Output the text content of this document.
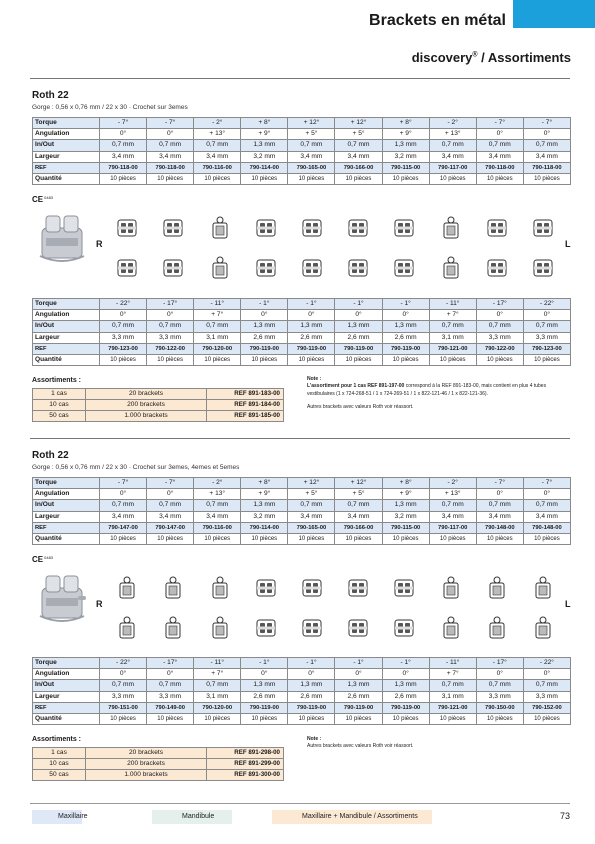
Brackets en métal
discovery® / Assortiments
Roth 22
Gorge : 0,56 x 0,76 mm / 22 x 30 · Crochet sur 3emes
Torque	- 7°	- 7°	- 2°	+ 8°	+ 12°	+ 12°	+ 8°	- 2°	- 7°	- 7°
Angulation	0°	0°	+ 13°	+ 9°	+ 5°	+ 5°	+ 9°	+ 13°	0°	0°
In/Out	0,7 mm	0,7 mm	0,7 mm	1,3 mm	0,7 mm	0,7 mm	1,3 mm	0,7 mm	0,7 mm	0,7 mm
Largeur	3,4 mm	3,4 mm	3,4 mm	3,2 mm	3,4 mm	3,4 mm	3,2 mm	3,4 mm	3,4 mm	3,4 mm
REF	790-118-00	790-118-00	790-116-00	790-114-00	790-165-00	790-166-00	790-115-00	790-117-00	790-118-00	790-118-00
Quantité	10 pièces	10 pièces	10 pièces	10 pièces	10 pièces	10 pièces	10 pièces	10 pièces	10 pièces	10 pièces
$CE^{0483}$
R	L
Torque	- 22°	- 17°	- 11°	- 1°	- 1°	- 1°	- 1°	- 11°	- 17°	- 22°
Angulation	0°	0°	+ 7°	0°	0°	0°	0°	+ 7°	0°	0°
In/Out	0,7 mm	0,7 mm	0,7 mm	1,3 mm	1,3 mm	1,3 mm	1,3 mm	0,7 mm	0,7 mm	0,7 mm
Largeur	3,3 mm	3,3 mm	3,1 mm	2,6 mm	2,6 mm	2,6 mm	2,6 mm	3,1 mm	3,3 mm	3,3 mm
REF	790-123-00	790-122-00	790-120-00	790-119-00	790-119-00	790-119-00	790-119-00	790-121-00	790-122-00	790-123-00
Quantité	10 pièces	10 pièces	10 pièces	10 pièces	10 pièces	10 pièces	10 pièces	10 pièces	10 pièces	10 pièces
Assortiments :
1 cas	20 brackets	REF 891-183-00
10 cas	200 brackets	REF 891-184-00
50 cas	1.000 brackets	REF 891-185-00
Note :
L'assortiment pour 1 cas REF 891-197-00 correspond à la REF 891-183-00, mais contient en plus 4 tubes vestibulaires (1 x 724-268-51 / 1 x 724-269-51 / 1 x 822-121-46 / 1 x 822-121-36).
Autres brackets avec valeurs Roth voir réassort.
Roth 22
Gorge : 0,56 x 0,76 mm / 22 x 30 · Crochet sur 3emes, 4emes et 5emes
Torque	- 7°	- 7°	- 2°	+ 8°	+ 12°	+ 12°	+ 8°	- 2°	- 7°	- 7°
Angulation	0°	0°	+ 13°	+ 9°	+ 5°	+ 5°	+ 9°	+ 13°	0°	0°
In/Out	0,7 mm	0,7 mm	0,7 mm	1,3 mm	0,7 mm	0,7 mm	1,3 mm	0,7 mm	0,7 mm	0,7 mm
Largeur	3,4 mm	3,4 mm	3,4 mm	3,2 mm	3,4 mm	3,4 mm	3,2 mm	3,4 mm	3,4 mm	3,4 mm
REF	790-147-00	790-147-00	790-116-00	790-114-00	790-165-00	790-166-00	790-115-00	790-117-00	790-148-00	790-148-00
Quantité	10 pièces	10 pièces	10 pièces	10 pièces	10 pièces	10 pièces	10 pièces	10 pièces	10 pièces	10 pièces
$CE^{0483}$
R	L
Torque	- 22°	- 17°	- 11°	- 1°	- 1°	- 1°	- 1°	- 11°	- 17°	- 22°
Angulation	0°	0°	+ 7°	0°	0°	0°	0°	+ 7°	0°	0°
In/Out	0,7 mm	0,7 mm	0,7 mm	1,3 mm	1,3 mm	1,3 mm	1,3 mm	0,7 mm	0,7 mm	0,7 mm
Largeur	3,3 mm	3,3 mm	3,1 mm	2,6 mm	2,6 mm	2,6 mm	2,6 mm	3,1 mm	3,3 mm	3,3 mm
REF	790-151-00	790-149-00	790-120-00	790-119-00	790-119-00	790-119-00	790-119-00	790-121-00	790-150-00	790-152-00
Quantité	10 pièces	10 pièces	10 pièces	10 pièces	10 pièces	10 pièces	10 pièces	10 pièces	10 pièces	10 pièces
Assortiments :
1 cas	20 brackets	REF 891-298-00
10 cas	200 brackets	REF 891-299-00
50 cas	1.000 brackets	REF 891-300-00
Note :
Autres brackets avec valeurs Roth voir réassort.
Maxillaire	Mandibule	Maxillaire + Mandibule / Assortiments	73
